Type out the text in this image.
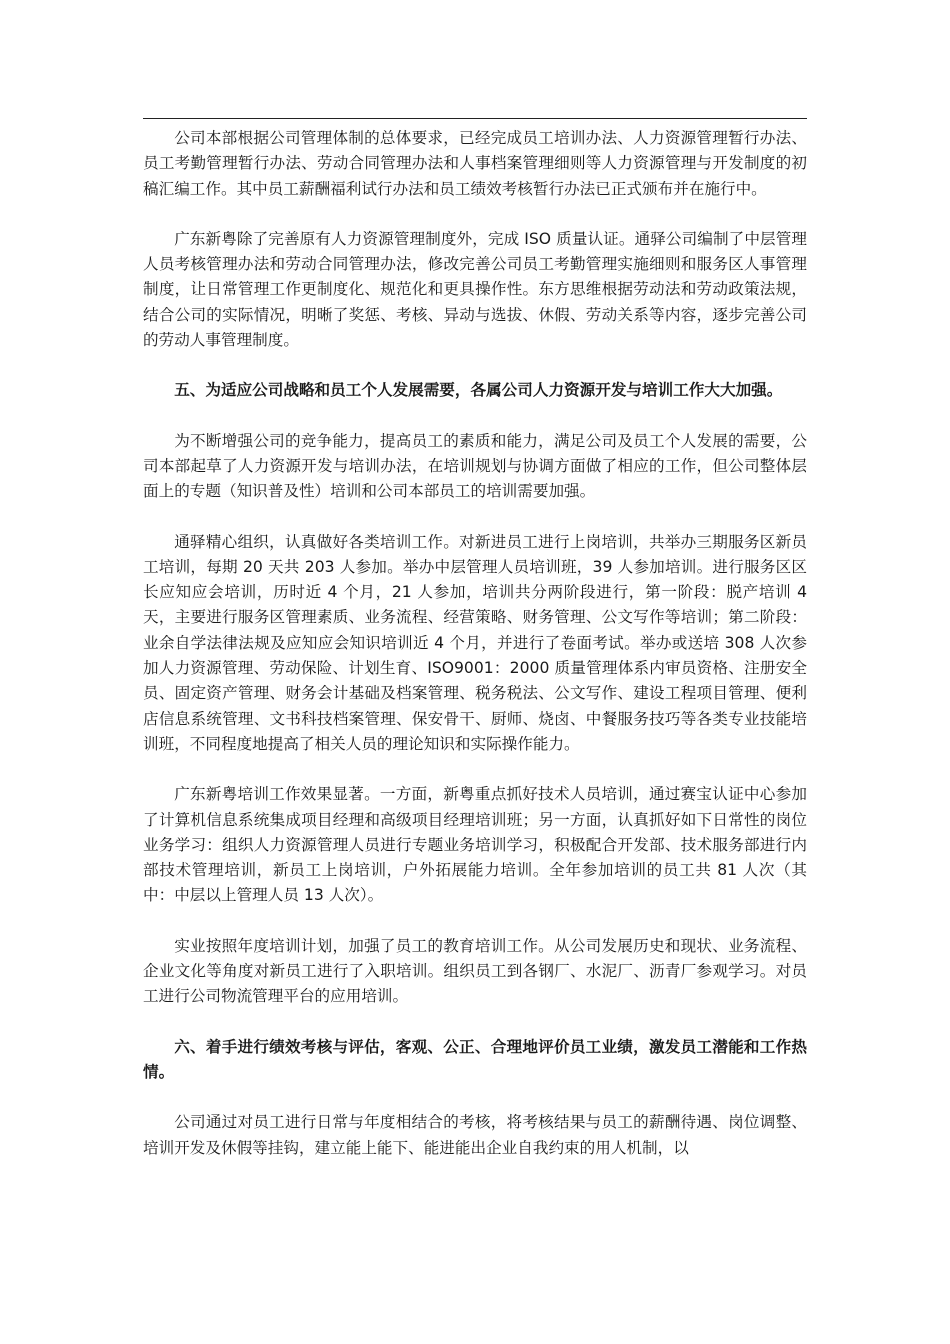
公司本部根据公司管理体制的总体要求，已经完成员工培训办法、人力资源管理暂行办法、员工考勤管理暂行办法、劳动合同管理办法和人事档案管理细则等人力资源管理与开发制度的初稿汇编工作。其中员工薪酬福利试行办法和员工绩效考核暂行办法已正式颁布并在施行中。

广东新粤除了完善原有人力资源管理制度外，完成 ISO 质量认证。通驿公司编制了中层管理人员考核管理办法和劳动合同管理办法，修改完善公司员工考勤管理实施细则和服务区人事管理制度，让日常管理工作更制度化、规范化和更具操作性。东方思维根据劳动法和劳动政策法规，结合公司的实际情况，明晰了奖惩、考核、异动与选拔、休假、劳动关系等内容，逐步完善公司的劳动人事管理制度。

五、为适应公司战略和员工个人发展需要，各属公司人力资源开发与培训工作大大加强。

为不断增强公司的竞争能力，提高员工的素质和能力，满足公司及员工个人发展的需要，公司本部起草了人力资源开发与培训办法，在培训规划与协调方面做了相应的工作，但公司整体层面上的专题（知识普及性）培训和公司本部员工的培训需要加强。

通驿精心组织，认真做好各类培训工作。对新进员工进行上岗培训，共举办三期服务区新员工培训，每期 20 天共 203 人参加。举办中层管理人员培训班，39 人参加培训。进行服务区区长应知应会培训，历时近 4 个月，21 人参加，培训共分两阶段进行，第一阶段：脱产培训 4 天，主要进行服务区管理素质、业务流程、经营策略、财务管理、公文写作等培训；第二阶段：业余自学法律法规及应知应会知识培训近 4 个月，并进行了卷面考试。举办或送培 308 人次参加人力资源管理、劳动保险、计划生育、ISO9001：2000 质量管理体系内审员资格、注册安全员、固定资产管理、财务会计基础及档案管理、税务税法、公文写作、建设工程项目管理、便利店信息系统管理、文书科技档案管理、保安骨干、厨师、烧卤、中餐服务技巧等各类专业技能培训班，不同程度地提高了相关人员的理论知识和实际操作能力。

广东新粤培训工作效果显著。一方面，新粤重点抓好技术人员培训，通过赛宝认证中心参加了计算机信息系统集成项目经理和高级项目经理培训班；另一方面，认真抓好如下日常性的岗位业务学习：组织人力资源管理人员进行专题业务培训学习，积极配合开发部、技术服务部进行内部技术管理培训，新员工上岗培训，户外拓展能力培训。全年参加培训的员工共 81 人次（其中：中层以上管理人员 13 人次）。

实业按照年度培训计划，加强了员工的教育培训工作。从公司发展历史和现状、业务流程、企业文化等角度对新员工进行了入职培训。组织员工到各钢厂、水泥厂、沥青厂参观学习。对员工进行公司物流管理平台的应用培训。

六、着手进行绩效考核与评估，客观、公正、合理地评价员工业绩，激发员工潜能和工作热情。

公司通过对员工进行日常与年度相结合的考核，将考核结果与员工的薪酬待遇、岗位调整、培训开发及休假等挂钩，建立能上能下、能进能出企业自我约束的用人机制，以
